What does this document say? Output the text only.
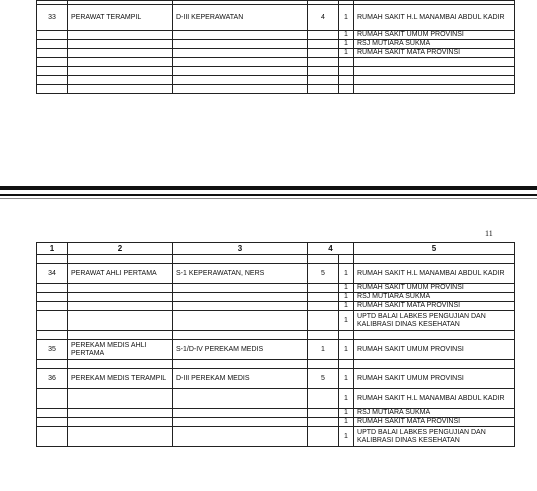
33	PERAWAT TERAMPIL	D-III KEPERAWATAN	4	1	RUMAH SAKIT H.L MANAMBAI ABDUL KADIR
				1	RUMAH SAKIT UMUM PROVINSI
				1	RSJ MUTIARA SUKMA
				1	RUMAH SAKIT MATA PROVINSI

11
1	2	3	4		5

34	PERAWAT AHLI PERTAMA	S-1 KEPERAWATAN, NERS	5	1	RUMAH SAKIT H.L MANAMBAI ABDUL KADIR
				1	RUMAH SAKIT UMUM PROVINSI
				1	RSJ MUTIARA SUKMA
				1	RUMAH SAKIT MATA PROVINSI
				1	UPTD BALAI LABKES PENGUJIAN DAN KALIBRASI DINAS KESEHATAN

35	PEREKAM MEDIS AHLI PERTAMA	S-1/D-IV PEREKAM MEDIS	1	1	RUMAH SAKIT UMUM PROVINSI

36	PEREKAM MEDIS TERAMPIL	D-III PEREKAM MEDIS	5	1	RUMAH SAKIT UMUM PROVINSI
				1	RUMAH SAKIT H.L MANAMBAI ABDUL KADIR
				1	RSJ MUTIARA SUKMA
				1	RUMAH SAKIT MATA PROVINSI
				1	UPTD BALAI LABKES PENGUJIAN DAN KALIBRASI DINAS KESEHATAN
